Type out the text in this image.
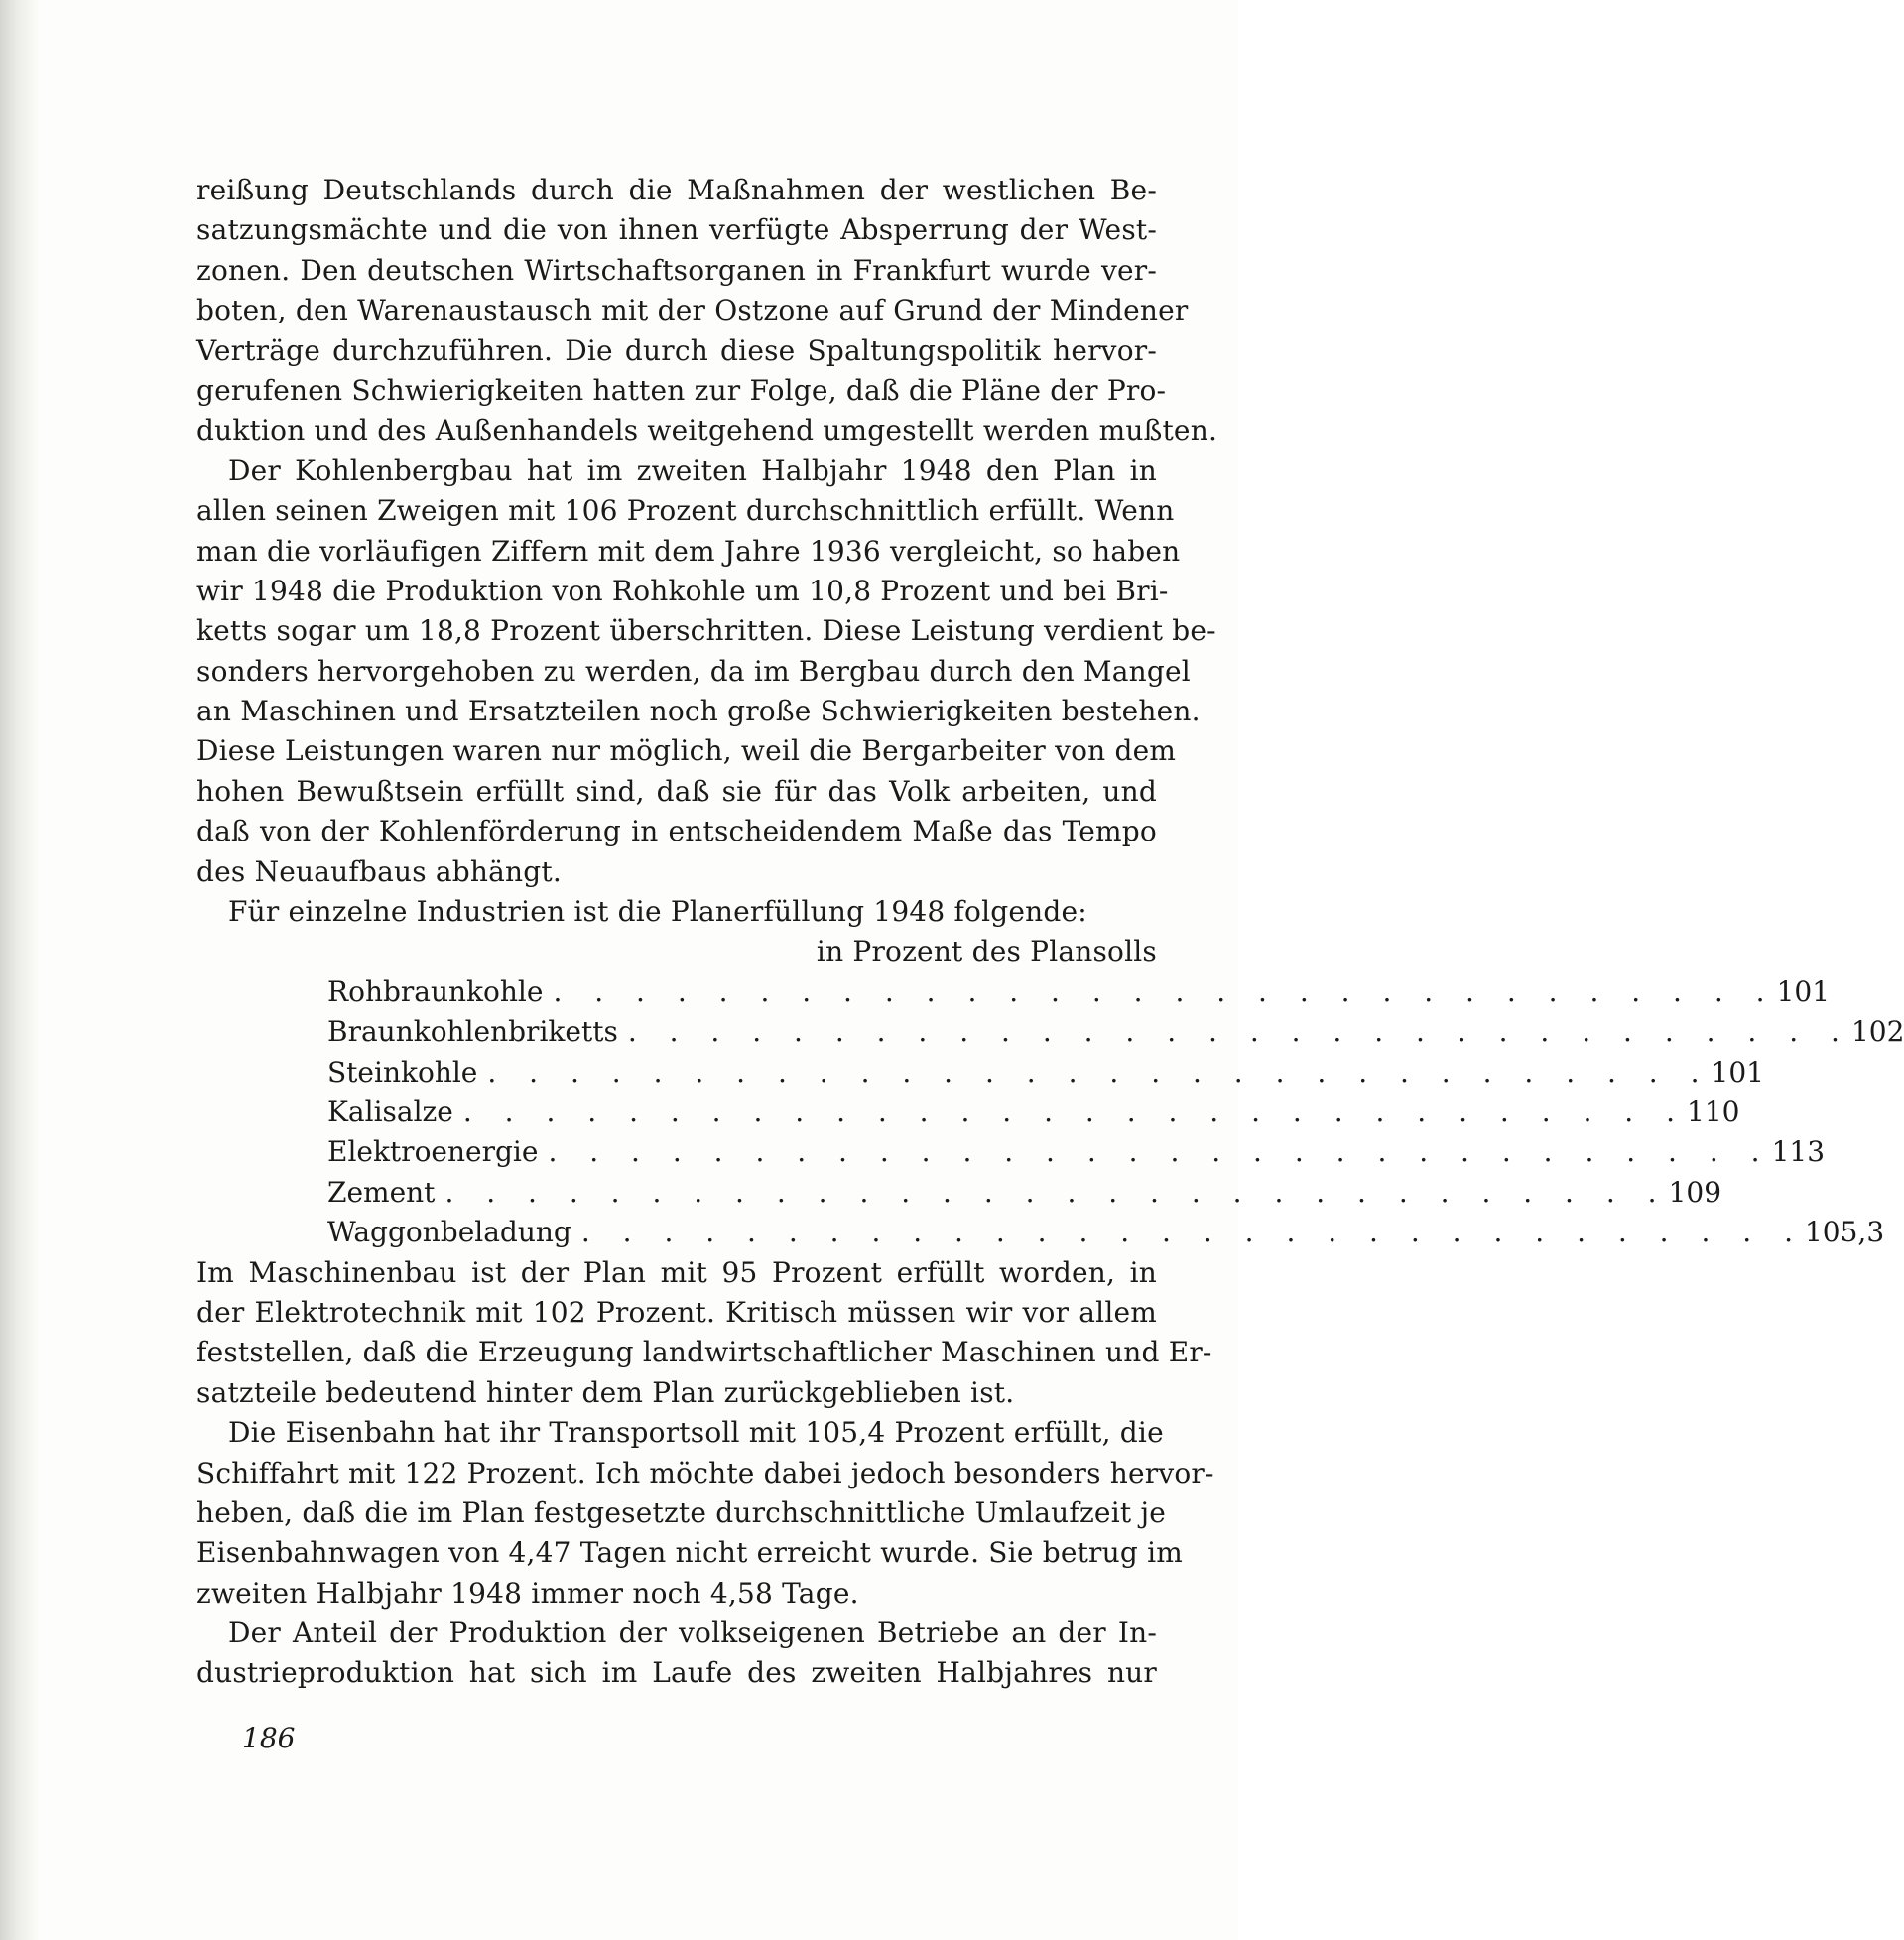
reißung Deutschlands durch die Maßnahmen der westlichen Be-
satzungsmächte und die von ihnen verfügte Absperrung der West-
zonen. Den deutschen Wirtschaftsorganen in Frankfurt wurde ver-
boten, den Warenaustausch mit der Ostzone auf Grund der Mindener
Verträge durchzuführen. Die durch diese Spaltungspolitik hervor-
gerufenen Schwierigkeiten hatten zur Folge, daß die Pläne der Pro-
duktion und des Außenhandels weitgehend umgestellt werden mußten.
Der Kohlenbergbau hat im zweiten Halbjahr 1948 den Plan in
allen seinen Zweigen mit 106 Prozent durchschnittlich erfüllt. Wenn
man die vorläufigen Ziffern mit dem Jahre 1936 vergleicht, so haben
wir 1948 die Produktion von Rohkohle um 10,8 Prozent und bei Bri-
ketts sogar um 18,8 Prozent überschritten. Diese Leistung verdient be-
sonders hervorgehoben zu werden, da im Bergbau durch den Mangel
an Maschinen und Ersatzteilen noch große Schwierigkeiten bestehen.
Diese Leistungen waren nur möglich, weil die Bergarbeiter von dem
hohen Bewußtsein erfüllt sind, daß sie für das Volk arbeiten, und
daß von der Kohlenförderung in entscheidendem Maße das Tempo
des Neuaufbaus abhängt.
Für einzelne Industrien ist die Planerfüllung 1948 folgende:
in Prozent des Plansolls
Rohbraunkohle . . . . . . . . . . . . . . . . . . . . . . . . . . . . . . 101
Braunkohlenbriketts . . . . . . . . . . . . . . . . . . . . . . . . . . . . . . 102
Steinkohle . . . . . . . . . . . . . . . . . . . . . . . . . . . . . . 101
Kalisalze . . . . . . . . . . . . . . . . . . . . . . . . . . . . . . 110
Elektroenergie . . . . . . . . . . . . . . . . . . . . . . . . . . . . . . 113
Zement . . . . . . . . . . . . . . . . . . . . . . . . . . . . . . 109
Waggonbeladung . . . . . . . . . . . . . . . . . . . . . . . . . . . . . . 105,3
Im Maschinenbau ist der Plan mit 95 Prozent erfüllt worden, in
der Elektrotechnik mit 102 Prozent. Kritisch müssen wir vor allem
feststellen, daß die Erzeugung landwirtschaftlicher Maschinen und Er-
satzteile bedeutend hinter dem Plan zurückgeblieben ist.
Die Eisenbahn hat ihr Transportsoll mit 105,4 Prozent erfüllt, die
Schiffahrt mit 122 Prozent. Ich möchte dabei jedoch besonders hervor-
heben, daß die im Plan festgesetzte durchschnittliche Umlaufzeit je
Eisenbahnwagen von 4,47 Tagen nicht erreicht wurde. Sie betrug im
zweiten Halbjahr 1948 immer noch 4,58 Tage.
Der Anteil der Produktion der volkseigenen Betriebe an der In-
dustrieproduktion hat sich im Laufe des zweiten Halbjahres nur
186
